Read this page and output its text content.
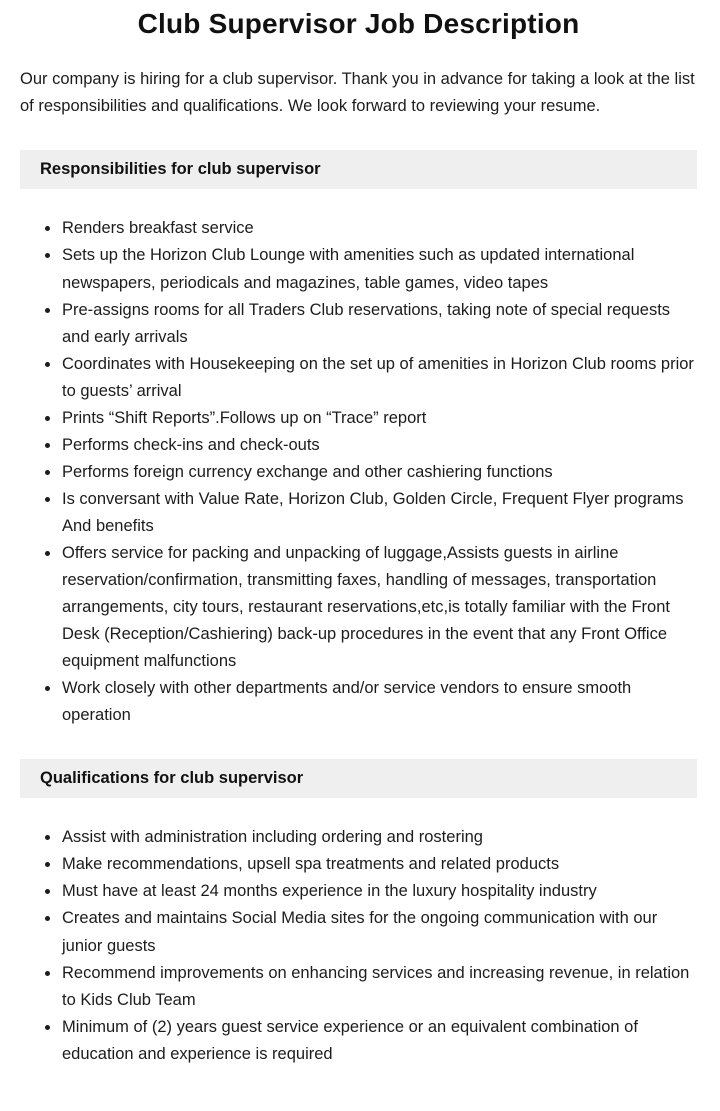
Club Supervisor Job Description

Our company is hiring for a club supervisor. Thank you in advance for taking a look at the list of responsibilities and qualifications. We look forward to reviewing your resume.

Responsibilities for club supervisor
Renders breakfast service
Sets up the Horizon Club Lounge with amenities such as updated international newspapers, periodicals and magazines, table games, video tapes
Pre-assigns rooms for all Traders Club reservations, taking note of special requests and early arrivals
Coordinates with Housekeeping on the set up of amenities in Horizon Club rooms prior to guests’ arrival
Prints “Shift Reports”.Follows up on “Trace” report
Performs check-ins and check-outs
Performs foreign currency exchange and other cashiering functions
Is conversant with Value Rate, Horizon Club, Golden Circle, Frequent Flyer programs And benefits
Offers service for packing and unpacking of luggage,Assists guests in airline reservation/confirmation, transmitting faxes, handling of messages, transportation arrangements, city tours, restaurant reservations,etc,is totally familiar with the Front Desk (Reception/Cashiering) back-up procedures in the event that any Front Office equipment malfunctions
Work closely with other departments and/or service vendors to ensure smooth operation
Qualifications for club supervisor
Assist with administration including ordering and rostering
Make recommendations, upsell spa treatments and related products
Must have at least 24 months experience in the luxury hospitality industry
Creates and maintains Social Media sites for the ongoing communication with our junior guests
Recommend improvements on enhancing services and increasing revenue, in relation to Kids Club Team
Minimum of (2) years guest service experience or an equivalent combination of education and experience is required
